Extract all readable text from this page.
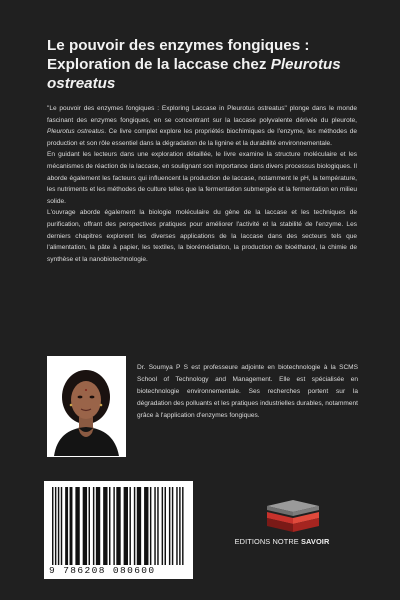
Le pouvoir des enzymes fongiques :
Exploration de la laccase chez Pleurotus
ostreatus

"Le pouvoir des enzymes fongiques : Exploring Laccase in Pleurotus ostreatus" plonge dans le monde fascinant des enzymes fongiques, en se concentrant sur la laccase polyvalente dérivée du pleurote, Pleurotus ostreatus. Ce livre complet explore les propriétés biochimiques de l'enzyme, les méthodes de production et son rôle essentiel dans la dégradation de la lignine et la durabilité environnementale.

En guidant les lecteurs dans une exploration détaillée, le livre examine la structure moléculaire et les mécanismes de réaction de la laccase, en soulignant son importance dans divers processus biologiques. Il aborde également les facteurs qui influencent la production de laccase, notamment le pH, la température, les nutriments et les méthodes de culture telles que la fermentation submergée et la fermentation en milieu solide.

L'ouvrage aborde également la biologie moléculaire du gène de la laccase et les techniques de purification, offrant des perspectives pratiques pour améliorer l'activité et la stabilité de l'enzyme. Les derniers chapitres explorent les diverses applications de la laccase dans des secteurs tels que l'alimentation, la pâte à papier, les textiles, la biorémédiation, la production de bioéthanol, la chimie de synthèse et la nanobiotechnologie.

Dr. Soumya P S est professeure adjointe en biotechnologie à la SCMS School of Technology and Management. Elle est spécialisée en biotechnologie environnementale. Ses recherches portent sur la dégradation des polluants et les pratiques industrielles durables, notamment grâce à l'application d'enzymes fongiques.

9 786208 080600
EDITIONS NOTRE SAVOIR
